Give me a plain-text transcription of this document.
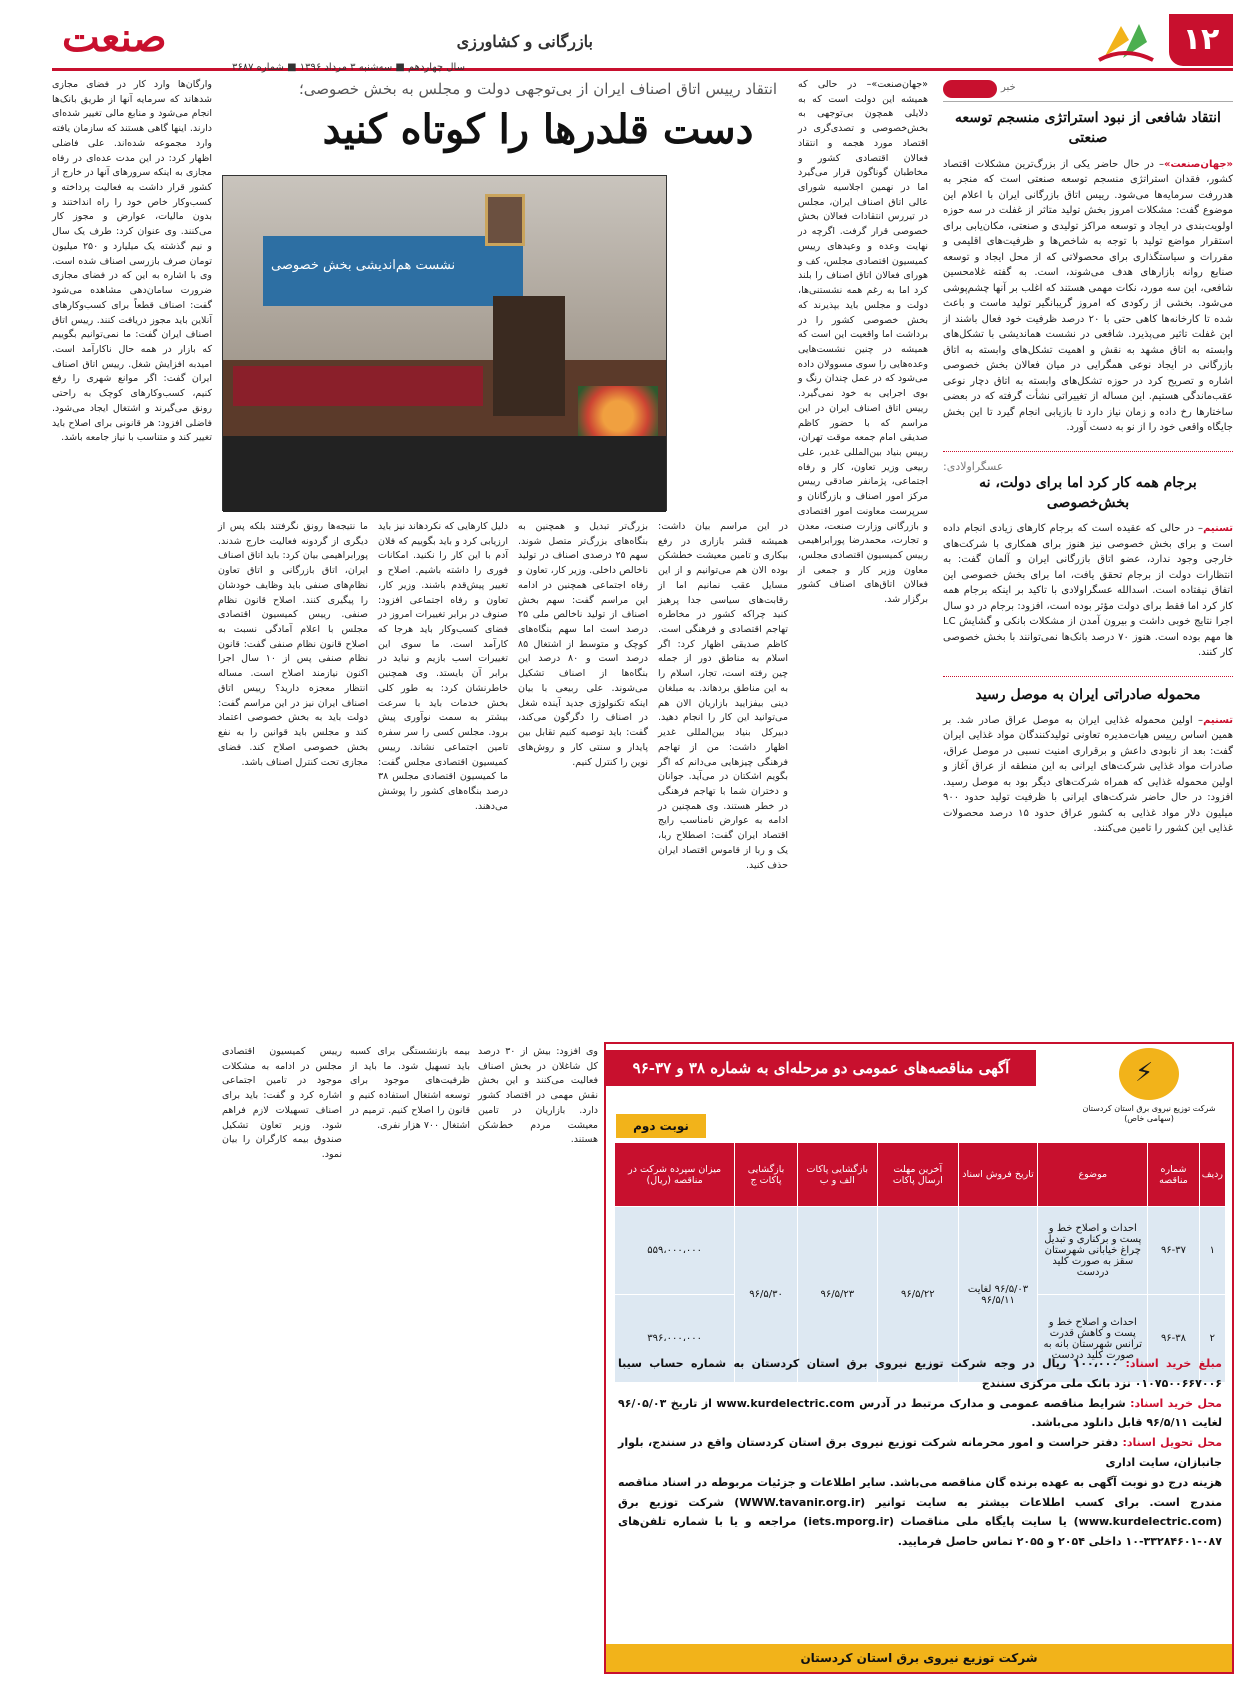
۱۲
بازرگانی و کشاورزی
صنعت
سال چهاردهم ■ سه‌شنبه ۳ مرداد ۱۳۹۶ ■ شماره ۳۶۸۷
خبر
انتقاد شافعی از نبود استراتژی منسجم توسعه صنعتی

«جهان‌صنعت»– در حال حاضر یکی از بزرگ‌ترین مشکلات اقتصاد کشور، فقدان استراتژی منسجم توسعه صنعتی است که منجر به هدررفت سرمایه‌ها می‌شود. رییس اتاق بازرگانی ایران با اعلام این موضوع گفت: مشکلات امروز بخش تولید متاثر از غفلت در سه حوزه اولویت‌بندی در ایجاد و توسعه مراکز تولیدی و صنعتی، مکان‌یابی برای استقرار مواضع تولید با توجه به شاخص‌ها و ظرفیت‌های اقلیمی و مقررات و سیاستگذاری برای محصولاتی که از محل ایجاد و توسعه صنایع روانه بازارهای هدف می‌شوند، است. به گفته غلامحسین شافعی، این سه مورد، نکات مهمی هستند که اغلب بر آنها چشم‌پوشی می‌شود. بخشی از رکودی که امروز گریبانگیر تولید ماست و باعث شده تا کارخانه‌ها کاهی حتی با ۲۰ درصد ظرفیت خود فعال باشند از این غفلت تاثیر می‌پذیرد. شافعی در نشست هماندیشی با تشکل‌های وابسته به اتاق مشهد به نقش و اهمیت تشکل‌های وابسته به اتاق بازرگانی در ایجاد نوعی همگرایی در میان فعالان بخش خصوصی اشاره و تصریح کرد در حوزه تشکل‌های وابسته به اتاق دچار نوعی عقب‌ماندگی هستیم. این مساله از تغییراتی نشأت گرفته که در بعضی ساختارها رخ داده و زمان نیاز دارد تا بازیابی انجام گیرد تا این بخش جایگاه واقعی خود را از نو به دست آورد.

عسگراولادی:
برجام همه کار کرد اما برای دولت، نه بخش‌خصوصی

تسنیم– در حالی که عقیده است که برجام کارهای زیادی انجام داده است و برای بخش خصوصی نیز هنوز برای همکاری با شرکت‌های خارجی وجود ندارد، عضو اتاق بازرگانی ایران و آلمان گفت: به انتظارات دولت از برجام تحقق یافت، اما برای بخش خصوصی این اتفاق نیفتاده است. اسدالله عسگراولادی با تاکید بر اینکه برجام همه کار کرد اما فقط برای دولت مؤثر بوده است، افزود: برجام در دو سال اجرا نتایج خوبی داشت و بیرون آمدن از مشکلات بانکی و گشایش LC ها مهم بوده است. هنوز ۷۰ درصد بانک‌ها نمی‌توانند با بخش خصوصی کار کنند.

محموله صادراتی ایران به موصل رسید

تسنیم– اولین محموله غذایی ایران به موصل عراق صادر شد. بر همین اساس رییس هیات‌مدیره تعاونی تولیدکنندگان مواد غذایی ایران گفت: بعد از نابودی داعش و برقراری امنیت نسبی در موصل عراق، صادرات مواد غذایی شرکت‌های ایرانی به این منطقه از عراق آغاز و اولین محموله غذایی که همراه شرکت‌های دیگر بود به موصل رسید. افزود: در حال حاضر شرکت‌های ایرانی با ظرفیت تولید حدود ۹۰۰ میلیون دلار مواد غذایی به کشور عراق حدود ۱۵ درصد محصولات غذایی این کشور را تامین می‌کنند.

«جهان‌صنعت»– در حالی که همیشه این دولت است که به دلایلی همچون بی‌توجهی به بخش‌خصوصی و تصدی‌گری در اقتصاد مورد هجمه و انتقاد فعالان اقتصادی کشور و مخاطبان گوناگون قرار می‌گیرد اما در نهمین اجلاسیه شورای عالی اتاق اصناف ایران، مجلس در تیررس انتقادات فعالان بخش خصوصی قرار گرفت. اگرچه در نهایت وعده و وعیدهای رییس کمیسیون اقتصادی مجلس، کف و هورای فعالان اتاق اصناف را بلند کرد اما به رغم همه نشستنی‌ها، دولت و مجلس باید بپذیرند که بخش خصوصی کشور را در برداشت اما واقعیت این است که همیشه در چنین نشست‌هایی وعده‌هایی را سوی مسوولان داده می‌شود که در عمل چندان رنگ و بوی اجرایی به خود نمی‌گیرد. رییس اتاق اصناف ایران در این مراسم که با حضور کاظم صدیقی امام جمعه موقت تهران، رییس بنیاد بین‌المللی غدیر، علی ربیعی وزیر تعاون، کار و رفاه اجتماعی، پژمانفر صادقی رییس مرکز امور اصناف و بازرگانان و سرپرست معاونت امور اقتصادی و بازرگانی وزارت صنعت، معدن و تجارت، محمدرضا پورابراهیمی رییس کمیسیون اقتصادی مجلس، معاون وزیر کار و جمعی از فعالان اتاق‌های اصناف کشور برگزار شد.
انتقاد رییس اتاق اصناف ایران از بی‌توجهی دولت و مجلس به بخش خصوصی؛
دست قلدرها را کوتاه کنید
نشست هم‌اندیشی بخش خصوصی
در این مراسم بیان داشت: همیشه قشر بازاری در رفع بیکاری و تامین معیشت خطشکن بوده الان هم می‌توانیم و از این مسایل عقب نمانیم اما از رقابت‌های سیاسی جدا پرهیز کنید چراکه کشور در مخاطره تهاجم اقتصادی و فرهنگی است. کاظم صدیقی اظهار کرد: اگر اسلام به مناطق دور از جمله چین رفته است، تجار، اسلام را به این مناطق بردهاند. به مبلغان دینی بیفزایید بازاریان الان هم می‌توانید این کار را انجام دهید. دبیرکل بنیاد بین‌المللی غدیر اظهار داشت: من از تهاجم فرهنگی چیزهایی می‌دانم که اگر بگویم اشکتان در می‌آید. جوانان و دختران شما با تهاجم فرهنگی در خطر هستند. وی همچنین در ادامه به عوارض نامناسب رایج اقتصاد ایران گفت: اصطلاح ربا، یک و ربا از قاموس اقتصاد ایران حذف کنید.
بزرگ‌تر تبدیل و همچنین به بنگاه‌های بزرگ‌تر متصل شوند. سهم ۲۵ درصدی اصناف در تولید ناخالص داخلی. وزیر کار، تعاون و رفاه اجتماعی همچنین در ادامه این مراسم گفت: سهم بخش اصناف از تولید ناخالص ملی ۲۵ درصد است اما سهم بنگاه‌های کوچک و متوسط از اشتغال ۸۵ درصد است و ۸۰ درصد این بنگاه‌ها از اصناف تشکیل می‌شوند. علی ربیعی با بیان اینکه تکنولوژی جدید آینده شغل در اصناف را دگرگون می‌کند، گفت: باید توصیه کنیم تقابل بین پایدار و سنتی کار و روش‌های نوین را کنترل کنیم.
دلیل کارهایی که نکردها‌ند نیز باید ارزیابی کرد و باید بگوییم که فلان آدم با این کار را نکنید. امکانات فوری را داشته باشیم. اصلاح و تغییر پیش‌قدم باشند. وزیر کار، تعاون و رفاه اجتماعی افزود: صنوف در برابر تغییرات امروز در فضای کسب‌وکار باید هرجا که کارآمد است. ما سوی این تغییرات اسب بازیم و نباید در برابر آن بایستد. وی همچنین خاطرنشان کرد: به طور کلی بخش خدمات باید با سرعت بیشتر به سمت نوآوری پیش برود. مجلس کسی را سر سفره تامین اجتماعی نشاند. رییس کمیسیون اقتصادی مجلس گفت: ما کمیسیون اقتصادی مجلس ۳۸ درصد بنگاه‌های کشور را پوشش می‌دهند.
ما نتیجه‌ها رونق نگرفتند بلکه پس از دیگری از گردونه فعالیت خارج شدند. پورابراهیمی بیان کرد: باید اتاق اصناف ایران، اتاق بازرگانی و اتاق تعاون نظام‌های صنفی باید وظایف خودشان را پیگیری کنند. اصلاح قانون نظام صنفی. رییس کمیسیون اقتصادی مجلس با اعلام آمادگی نسبت به اصلاح قانون نظام صنفی گفت: قانون نظام صنفی پس از ۱۰ سال اجرا اکنون نیازمند اصلاح است. مساله انتظار معجزه دارید؟ رییس اتاق اصناف ایران نیز در این مراسم گفت: دولت باید به بخش خصوصی اعتماد کند و مجلس باید قوانین را به نفع بخش خصوصی اصلاح کند. فضای مجازی تحت کنترل اصناف باشد.
وارگان‌ها وارد کار در فضای مجازی شدهاند که سرمایه آنها از طریق بانک‌ها انجام می‌شود و منابع مالی تغییر شده‌ای دارند. اینها گاهی هستند که سازمان یافته وارد مجموعه شده‌اند. علی فاضلی اظهار کرد: در این مدت عده‌ای در رفاه مجازی به اینکه سرورهای آنها در خارج از کشور قرار داشت به فعالیت پرداخته و کسب‌وکار خاص خود را راه انداختند و بدون مالیات، عوارض و مجوز کار می‌کنند. وی عنوان کرد: طرف یک سال و نیم گذشته یک میلیارد و ۲۵۰ میلیون تومان صرف بازرسی اصناف شده است. وی با اشاره به این که در فضای مجازی ضرورت سامان‌دهی مشاهده می‌شود گفت: اصناف قطعاً برای کسب‌وکارهای آنلاین باید مجوز دریافت کنند. رییس اتاق اصناف ایران گفت: ما نمی‌توانیم بگوییم که بازار در همه حال ناکارآمد است. امیدبه افزایش شغل. رییس اتاق اصناف ایران گفت: اگر موانع شهری را رفع کنیم، کسب‌وکارهای کوچک به راحتی رونق می‌گیرند و اشتغال ایجاد می‌شود. فاضلی افزود: هر قانونی برای اصلاح باید تغییر کند و متناسب با نیاز جامعه باشد.
رییس کمیسیون اقتصادی مجلس در ادامه به مشکلات موجود در تامین اجتماعی اشاره کرد و گفت: باید برای اصناف تسهیلات لازم فراهم شود. وزیر تعاون تشکیل صندوق بیمه کارگران را بیان نمود.
بیمه بازنشستگی برای کسبه باید تسهیل شود. ما باید از ظرفیت‌های موجود برای توسعه اشتغال استفاده کنیم و قانون را اصلاح کنیم. ترمیم در اشتغال ۷۰۰ هزار نفری.
وی افزود: بیش از ۳۰ درصد کل شاغلان در بخش اصناف فعالیت می‌کنند و این بخش نقش مهمی در اقتصاد کشور دارد. بازاریان در تامین معیشت مردم خط‌شکن هستند.
آگهی مناقصه‌های عمومی دو مرحله‌ای به شماره ۳۸ و ۳۷-۹۶	⚡
شرکت توزیع نیروی برق استان کردستان (سهامی خاص)
نوبت دوم
ردیف	شماره مناقصه	موضوع	تاریخ فروش اسناد	آخرین مهلت ارسال پاکات	بازگشایی پاکات الف و ب	بازگشایی پاکات ج	میزان سپرده شرکت در مناقصه (ریال)
۱	۹۶-۳۷	احداث و اصلاح خط و پست و برکناری و تبدیل چراغ خیابانی شهرستان سقز به صورت کلید دردست	۹۶/۵/۰۳ لغایت ۹۶/۵/۱۱	۹۶/۵/۲۲	۹۶/۵/۲۳	۹۶/۵/۳۰	۵۵۹،۰۰۰،۰۰۰
۲	۹۶-۳۸	احداث و اصلاح خط و پست و کاهش قدرت ترانس شهرستان بانه به صورت کلید دردست					۳۹۶،۰۰۰،۰۰۰

مبلغ خرید اسناد: ۱۰۰،۰۰۰ ریال در وجه شرکت توزیع نیروی برق استان کردستان به شماره حساب سیبا ۰۱۰۷۵۰۰۶۶۷۰۰۶ نزد بانک ملی مرکزی سنندج

محل خرید اسناد: شرایط مناقصه عمومی و مدارک مرتبط در آدرس www.kurdelectric.com از تاریخ ۹۶/۰۵/۰۳ لغایت ۹۶/۵/۱۱ قابل دانلود می‌باشد.

محل تحویل اسناد: دفتر حراست و امور محرمانه شرکت توزیع نیروی برق استان کردستان واقع در سنندج، بلوار جانبازان، سایت اداری

هزینه درج دو نوبت آگهی به عهده برنده گان مناقصه می‌باشد. سایر اطلاعات و جزئیات مربوطه در اسناد مناقصه مندرج است. برای کسب اطلاعات بیشتر به سایت توانیر (WWW.tavanir.org.ir) شرکت توزیع برق (www.kurdelectric.com) یا سایت پایگاه ملی مناقصات (iets.mporg.ir) مراجعه و یا با شماره تلفن‌های ۰۸۷-۳۳۲۸۴۶۰۱-۱۰ داخلی ۲۰۵۴ و ۲۰۵۵ تماس حاصل فرمایید.

شرکت توزیع نیروی برق استان کردستان
